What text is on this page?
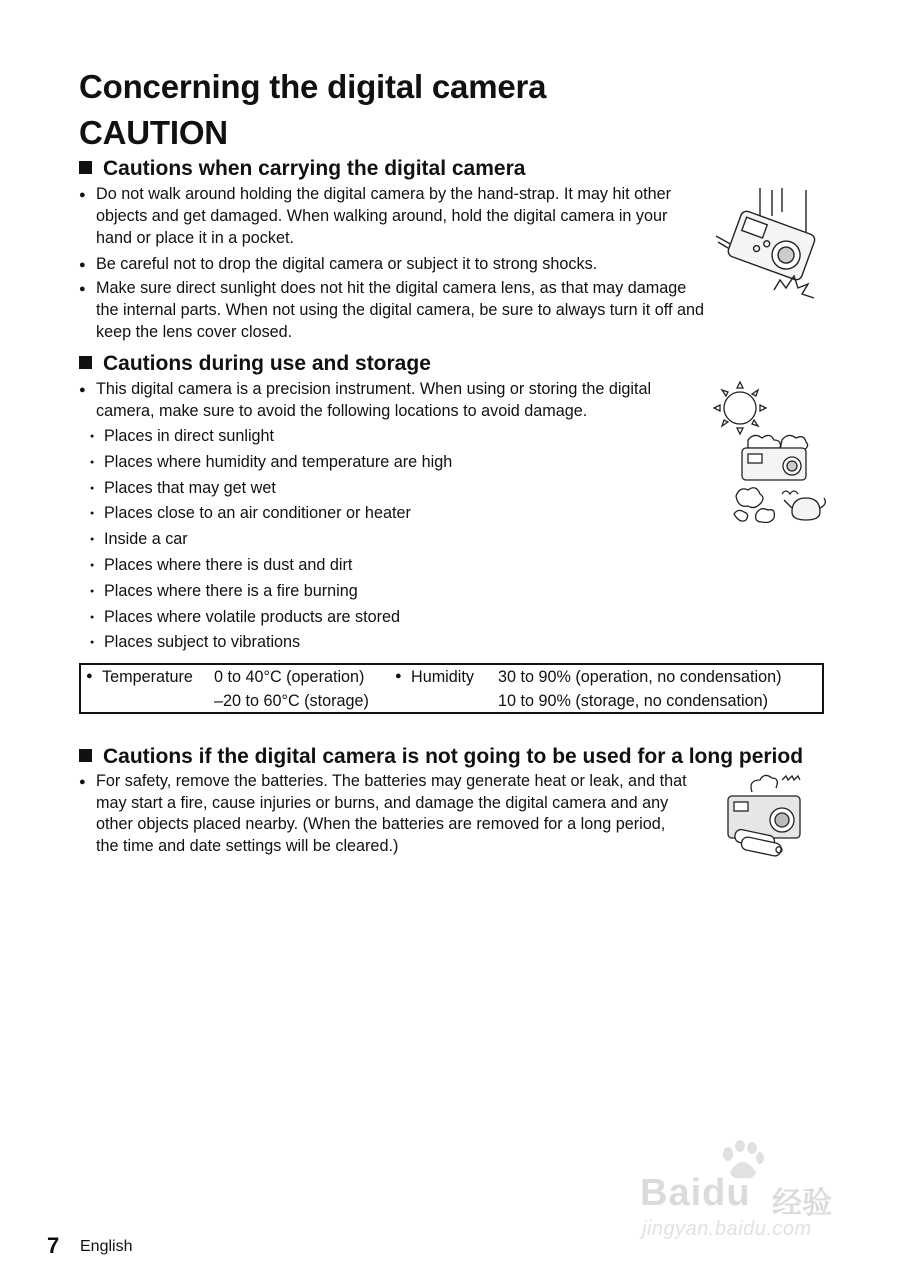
Concerning the digital camera
CAUTION
Cautions when carrying the digital camera
●
Do not walk around holding the digital camera by the hand-strap. It may hit other objects and get damaged. When walking around, hold the digital camera in your hand or place it in a pocket.
●
Be careful not to drop the digital camera or subject it to strong shocks.
●
Make sure direct sunlight does not hit the digital camera lens, as that may damage the internal parts. When not using the digital camera, be sure to always turn it off and keep the lens cover closed.
Cautions during use and storage
●
This digital camera is a precision instrument. When using or storing the digital camera, make sure to avoid the following locations to avoid damage.
●Places in direct sunlight
●Places where humidity and temperature are high
●Places that may get wet
●Places close to an air conditioner or heater
●Inside a car
●Places where there is dust and dirt
●Places where there is a fire burning
●Places where volatile products are stored
●Places subject to vibrations
● Temperature 0 to 40°C (operation)
–20 to 60°C (storage)
● Humidity 30 to 90% (operation, no condensation)
10 to 90% (storage, no condensation)
Cautions if the digital camera is not going to be used for a long period
●
For safety, remove the batteries. The batteries may generate heat or leak, and that may start a fire, cause injuries or burns, and damage the digital camera and any other objects placed nearby. (When the batteries are removed for a long period, the time and date settings will be cleared.)
7 English
Baidu 经验
jingyan.baidu.com
